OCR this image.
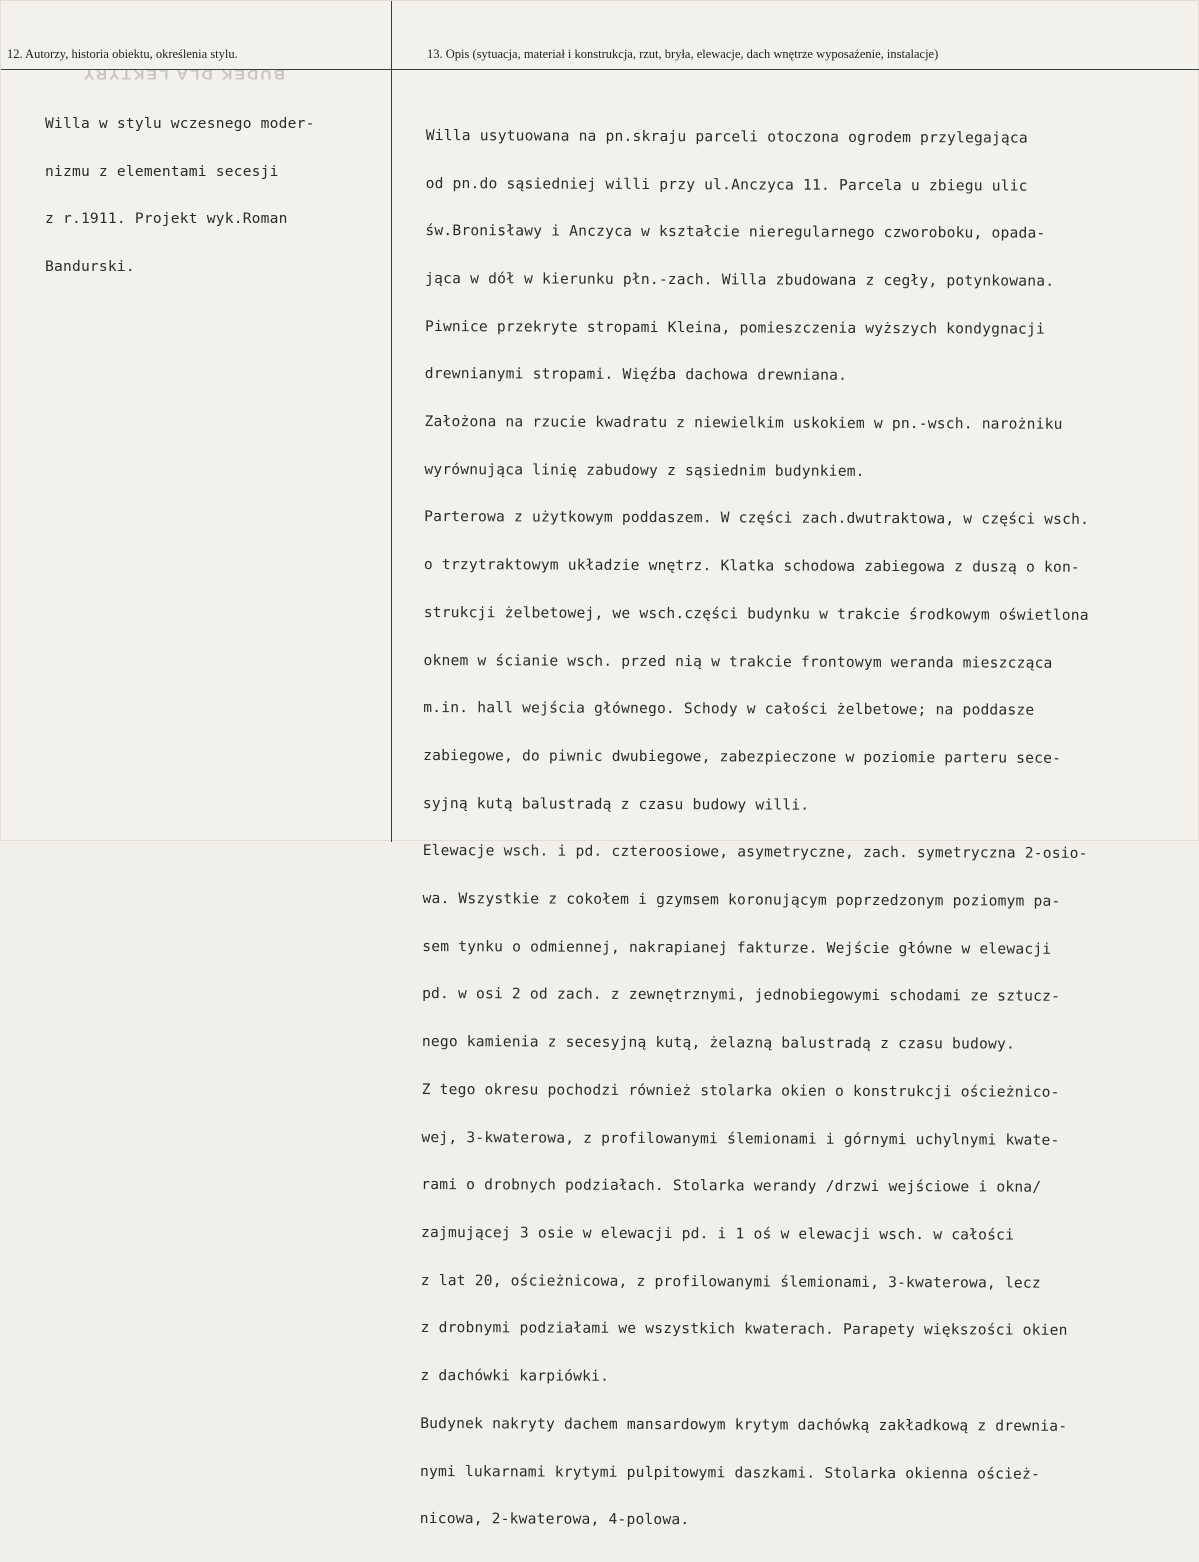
12. Autorzy, historia obiektu, określenia stylu.	13. Opis (sytuacja, materiał i konstrukcja, rzut, bryła, elewacje, dach wnętrze wyposażenie, instalacje)
BUDEK DLA LEKTYRY

Willa w stylu wczesnego moder-

nizmu z elementami secesji

z r.1911. Projekt wyk.Roman

Bandurski.

Willa usytuowana na pn.skraju parceli otoczona ogrodem przylegająca

od pn.do sąsiedniej willi przy ul.Anczyca 11. Parcela u zbiegu ulic

św.Bronisławy i Anczyca w kształcie nieregularnego czworoboku, opada-

jąca w dół w kierunku płn.-zach. Willa zbudowana z cegły, potynkowana.

Piwnice przekryte stropami Kleina, pomieszczenia wyższych kondygnacji

drewnianymi stropami. Więźba dachowa drewniana.

Założona na rzucie kwadratu z niewielkim uskokiem w pn.-wsch. narożniku

wyrównująca linię zabudowy z sąsiednim budynkiem.

Parterowa z użytkowym poddaszem. W części zach.dwutraktowa, w części wsch.

o trzytraktowym układzie wnętrz. Klatka schodowa zabiegowa z duszą o kon-

strukcji żelbetowej, we wsch.części budynku w trakcie środkowym oświetlona

oknem w ścianie wsch. przed nią w trakcie frontowym weranda mieszcząca

m.in. hall wejścia głównego. Schody w całości żelbetowe; na poddasze

zabiegowe, do piwnic dwubiegowe, zabezpieczone w poziomie parteru sece-

syjną kutą balustradą z czasu budowy willi.

Elewacje wsch. i pd. czteroosiowe, asymetryczne, zach. symetryczna 2-osio-

wa. Wszystkie z cokołem i gzymsem koronującym poprzedzonym poziomym pa-

sem tynku o odmiennej, nakrapianej fakturze. Wejście główne w elewacji

pd. w osi 2 od zach. z zewnętrznymi, jednobiegowymi schodami ze sztucz-

nego kamienia z secesyjną kutą, żelazną balustradą z czasu budowy.

Z tego okresu pochodzi również stolarka okien o konstrukcji ościeżnico-

wej, 3-kwaterowa, z profilowanymi ślemionami i górnymi uchylnymi kwate-

rami o drobnych podziałach. Stolarka werandy /drzwi wejściowe i okna/

zajmującej 3 osie w elewacji pd. i 1 oś w elewacji wsch. w całości

z lat 20, ościeżnicowa, z profilowanymi ślemionami, 3-kwaterowa, lecz

z drobnymi podziałami we wszystkich kwaterach. Parapety większości okien

z dachówki karpiówki.

Budynek nakryty dachem mansardowym krytym dachówką zakładkową z drewnia-

nymi lukarnami krytymi pulpitowymi daszkami. Stolarka okienna oścież-

nicowa, 2-kwaterowa, 4-polowa.
